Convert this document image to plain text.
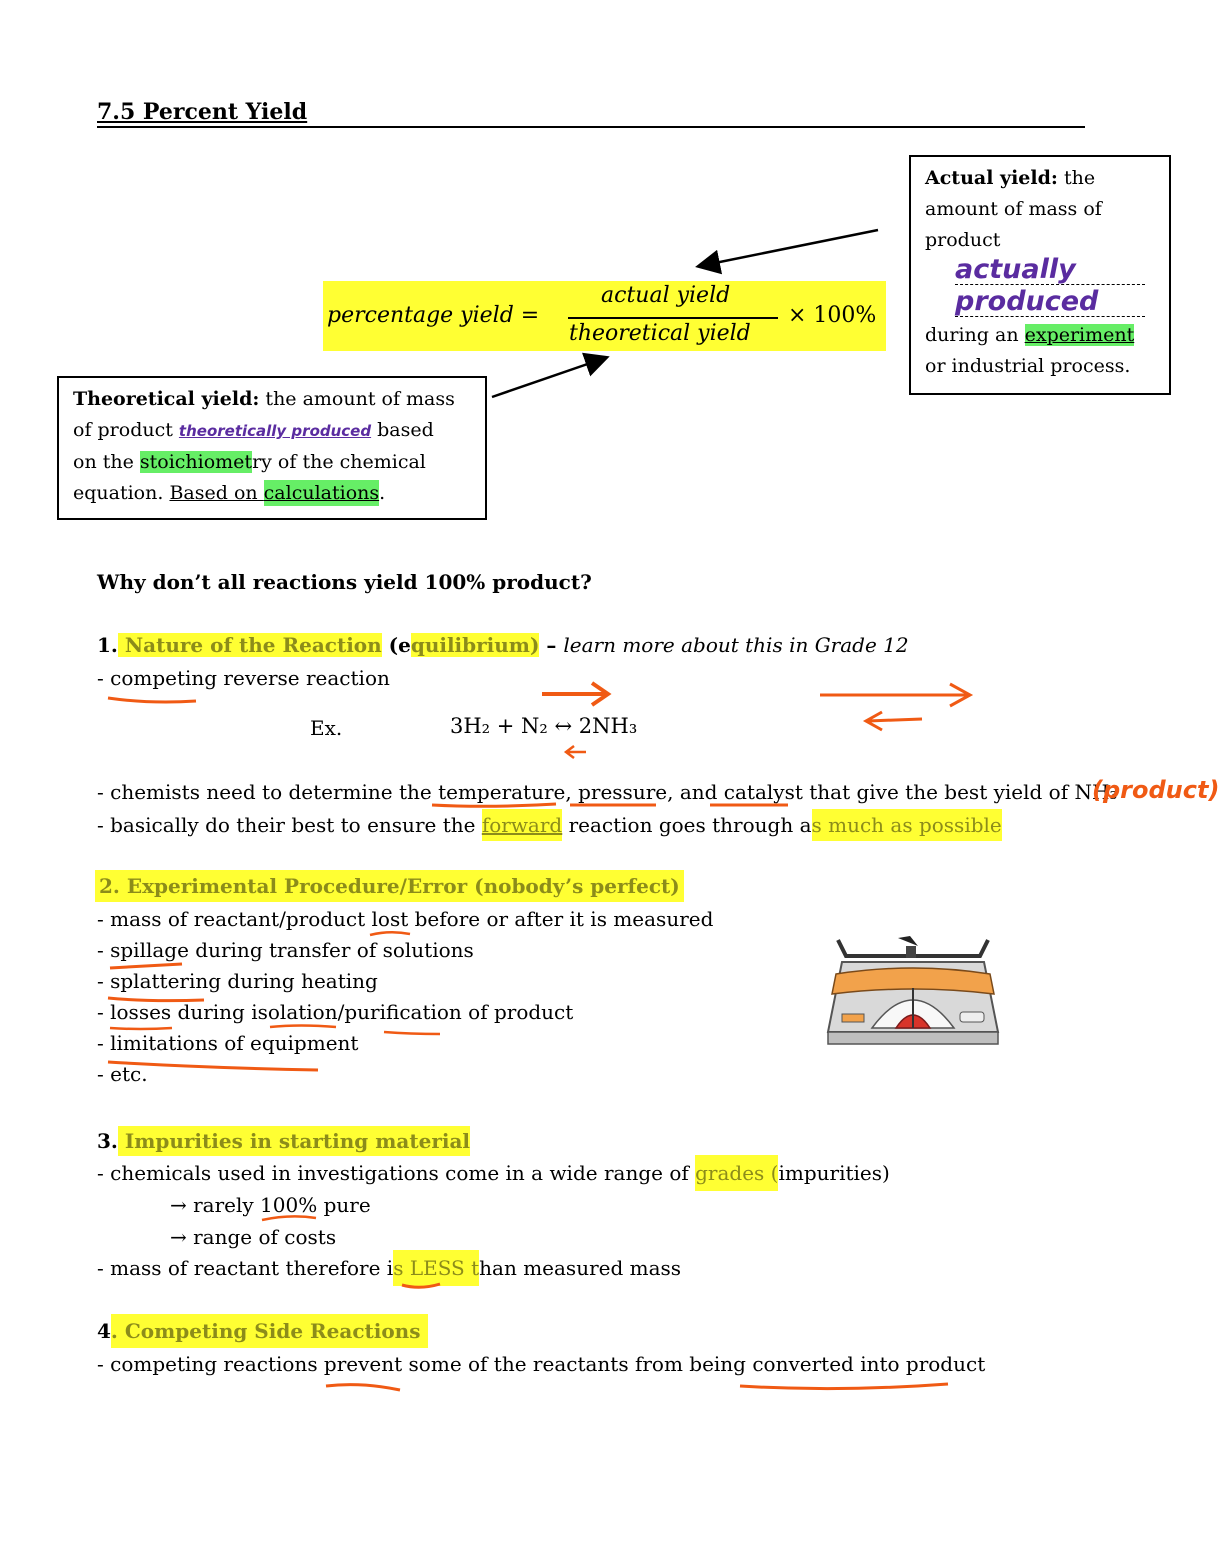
7.5 Percent Yield
Actual yield: the
amount of mass of
product
actually
produced
during an experiment
or industrial process.
percentage yield =
actual yield
theoretical yield
× 100%
Theoretical yield: the amount of mass
of product theoretically produced based
on the stoichiometry of the chemical
equation. Based on calculations.
Why don’t all reactions yield 100% product?
1. Nature of the Reaction (equilibrium) – learn more about this in Grade 12
- competing reverse reaction
Ex.	3H₂ + N₂ ↔ 2NH₃
- chemists need to determine the temperature, pressure, and catalyst that give the best yield of NH₃
(product)
- basically do their best to ensure the forward reaction goes through as much as possible
2. Experimental Procedure/Error (nobody’s perfect)
- mass of reactant/product lost before or after it is measured
- spillage during transfer of solutions
- splattering during heating
- losses during isolation/purification of product
- limitations of equipment
- etc.
3. Impurities in starting material
- chemicals used in investigations come in a wide range of grades (impurities)
→ rarely 100% pure
→ range of costs
- mass of reactant therefore is LESS than measured mass
4. Competing Side Reactions
- competing reactions prevent some of the reactants from being converted into product
